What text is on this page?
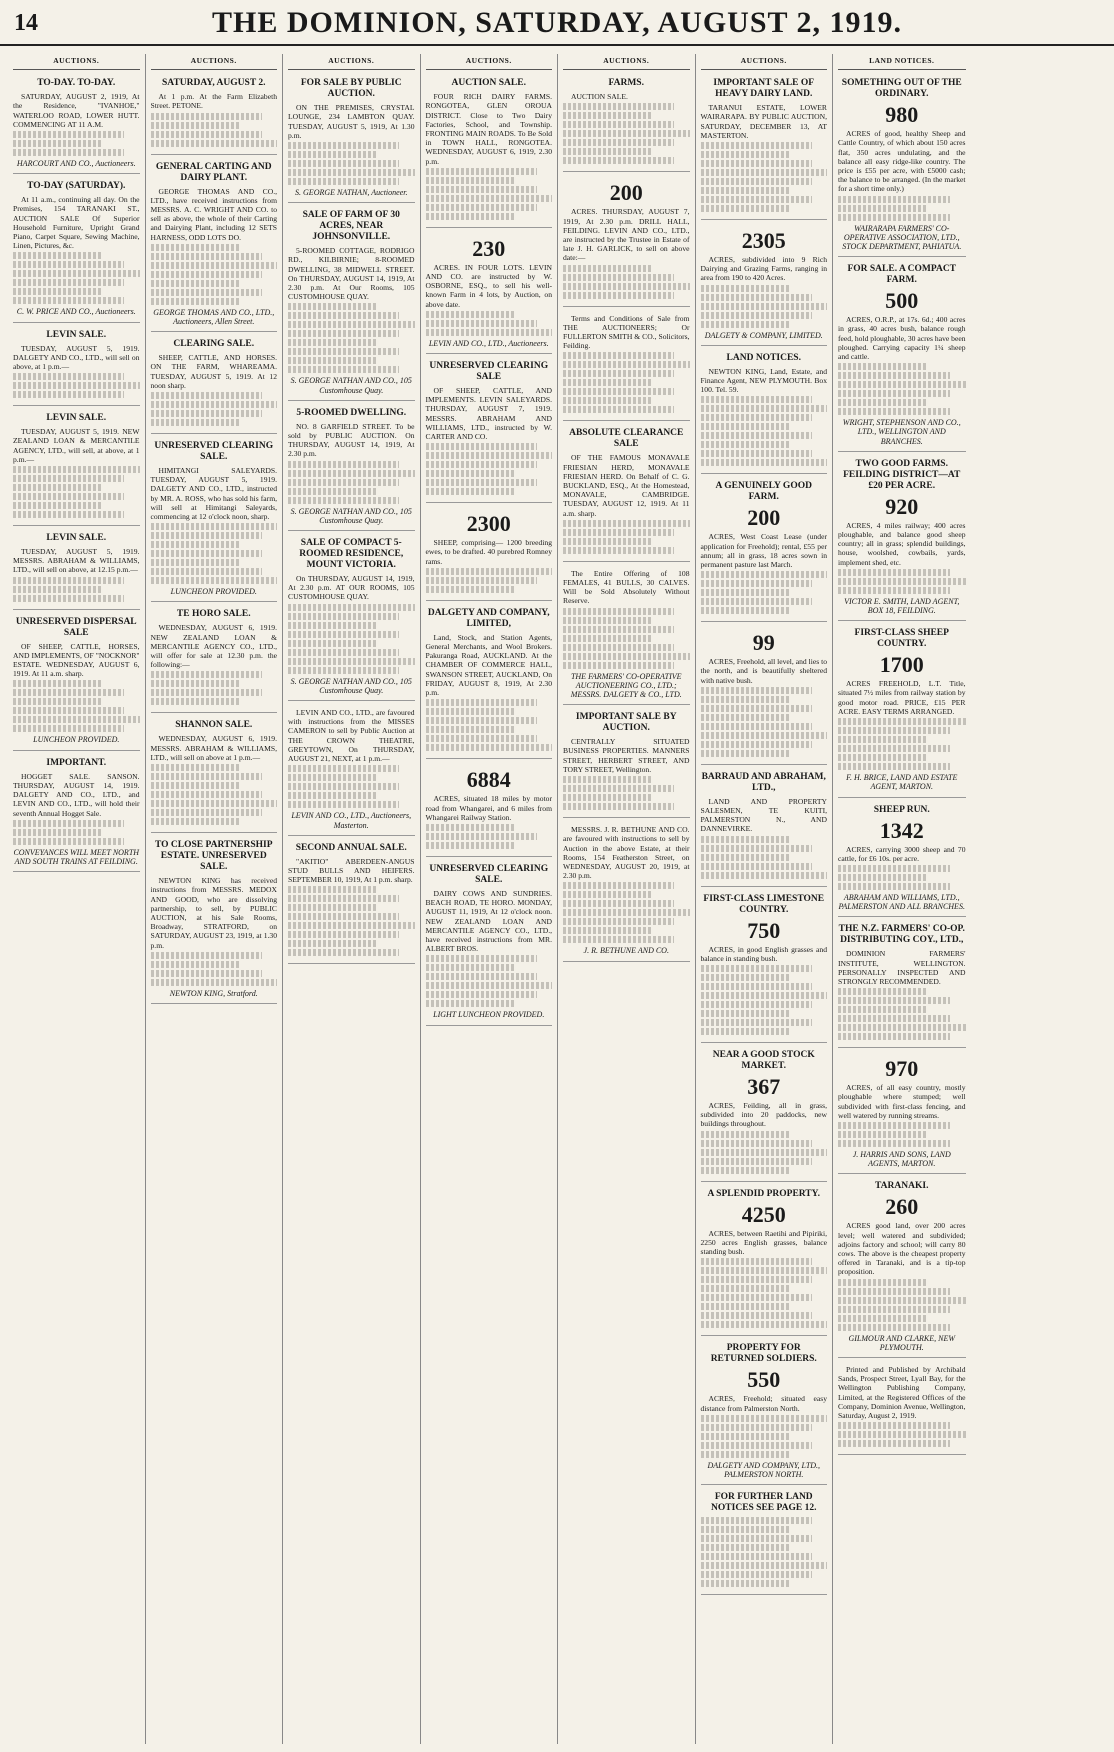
14	THE DOMINION, SATURDAY, AUGUST 2, 1919.
AUCTIONS.
TO-DAY. TO-DAY.
SATURDAY, AUGUST 2, 1919, At the Residence, "IVANHOE," WATERLOO ROAD, LOWER HUTT. COMMENCING AT 11 A.M.
HARCOURT AND CO., Auctioneers.
TO-DAY (SATURDAY).
At 11 a.m., continuing all day. On the Premises, 154 TARANAKI ST., AUCTION SALE Of Superior Household Furniture, Upright Grand Piano, Carpet Square, Sewing Machine, Linen, Pictures, &c.
C. W. PRICE AND CO., Auctioneers.
LEVIN SALE.
TUESDAY, AUGUST 5, 1919. DALGETY AND CO., LTD., will sell on above, at 1 p.m.—
LEVIN SALE.
TUESDAY, AUGUST 5, 1919. NEW ZEALAND LOAN & MERCANTILE AGENCY, LTD., will sell, at above, at 1 p.m.—
LEVIN SALE.
TUESDAY, AUGUST 5, 1919. MESSRS. ABRAHAM & WILLIAMS, LTD., will sell on above, at 12.15 p.m.—
UNRESERVED DISPERSAL SALE
OF SHEEP, CATTLE, HORSES, AND IMPLEMENTS, OF "NOCKNOR" ESTATE. WEDNESDAY, AUGUST 6, 1919. At 11 a.m. sharp.
LUNCHEON PROVIDED.
IMPORTANT.
HOGGET SALE. SANSON. THURSDAY, AUGUST 14, 1919. DALGETY AND CO., LTD., and LEVIN AND CO., LTD., will hold their seventh Annual Hogget Sale.
CONVEYANCES WILL MEET NORTH AND SOUTH TRAINS AT FEILDING.
AUCTIONS.
SATURDAY, AUGUST 2.
At 1 p.m. At the Farm Elizabeth Street. PETONE.
GENERAL CARTING AND DAIRY PLANT.
GEORGE THOMAS AND CO., LTD., have received instructions from MESSRS. A. C. WRIGHT AND CO. to sell as above, the whole of their Carting and Dairying Plant, including 12 SETS HARNESS, ODD LOTS DO.
GEORGE THOMAS AND CO., LTD., Auctioneers, Allen Street.
CLEARING SALE.
SHEEP, CATTLE, AND HORSES. ON THE FARM, WHAREAMA. TUESDAY, AUGUST 5, 1919. At 12 noon sharp.
UNRESERVED CLEARING SALE.
HIMITANGI SALEYARDS. TUESDAY, AUGUST 5, 1919. DALGETY AND CO., LTD., instructed by MR. A. ROSS, who has sold his farm, will sell at Himitangi Saleyards, commencing at 12 o'clock noon, sharp.
LUNCHEON PROVIDED.
TE HORO SALE.
WEDNESDAY, AUGUST 6, 1919. NEW ZEALAND LOAN & MERCANTILE AGENCY CO., LTD., will offer for sale at 12.30 p.m. the following:—
SHANNON SALE.
WEDNESDAY, AUGUST 6, 1919. MESSRS. ABRAHAM & WILLIAMS, LTD., will sell on above at 1 p.m.—
TO CLOSE PARTNERSHIP ESTATE. UNRESERVED SALE.
NEWTON KING has received instructions from MESSRS. MEDOX AND GOOD, who are dissolving partnership, to sell, by PUBLIC AUCTION, at his Sale Rooms, Broadway, STRATFORD, on SATURDAY, AUGUST 23, 1919, at 1.30 p.m.
NEWTON KING, Stratford.
AUCTIONS.
FOR SALE BY PUBLIC AUCTION.
ON THE PREMISES, CRYSTAL LOUNGE, 234 LAMBTON QUAY. TUESDAY, AUGUST 5, 1919, At 1.30 p.m.
S. GEORGE NATHAN, Auctioneer.
SALE OF FARM OF 30 ACRES, NEAR JOHNSONVILLE.
5-ROOMED COTTAGE, RODRIGO RD., KILBIRNIE; 8-ROOMED DWELLING, 38 MIDWELL STREET. On THURSDAY, AUGUST 14, 1919, At 2.30 p.m. At Our Rooms, 105 CUSTOMHOUSE QUAY.
S. GEORGE NATHAN AND CO., 105 Customhouse Quay.
5-ROOMED DWELLING.
NO. 8 GARFIELD STREET. To be sold by PUBLIC AUCTION. On THURSDAY, AUGUST 14, 1919, At 2.30 p.m.
S. GEORGE NATHAN AND CO., 105 Customhouse Quay.
SALE OF COMPACT 5-ROOMED RESIDENCE, MOUNT VICTORIA.
On THURSDAY, AUGUST 14, 1919, At 2.30 p.m. AT OUR ROOMS, 105 CUSTOMHOUSE QUAY.
S. GEORGE NATHAN AND CO., 105 Customhouse Quay.
LEVIN AND CO., LTD., are favoured with instructions from the MISSES CAMERON to sell by Public Auction at THE CROWN THEATRE, GREYTOWN, On THURSDAY, AUGUST 21, NEXT, at 1 p.m.—
LEVIN AND CO., LTD., Auctioneers, Masterton.
SECOND ANNUAL SALE.
"AKITIO" ABERDEEN-ANGUS STUD BULLS AND HEIFERS. SEPTEMBER 10, 1919, At 1 p.m. sharp.
AUCTIONS.
AUCTION SALE.
FOUR RICH DAIRY FARMS. RONGOTEA, GLEN OROUA DISTRICT. Close to Two Dairy Factories, School, and Township. FRONTING MAIN ROADS. To Be Sold in TOWN HALL, RONGOTEA. WEDNESDAY, AUGUST 6, 1919, 2.30 p.m.
230
ACRES. IN FOUR LOTS. LEVIN AND CO. are instructed by W. OSBORNE, ESQ., to sell his well-known Farm in 4 lots, by Auction, on above date.
LEVIN AND CO., LTD., Auctioneers.
UNRESERVED CLEARING SALE
OF SHEEP, CATTLE, AND IMPLEMENTS. LEVIN SALEYARDS. THURSDAY, AUGUST 7, 1919. MESSRS. ABRAHAM AND WILLIAMS, LTD., instructed by W. CARTER AND CO.
2300
SHEEP, comprising— 1200 breeding ewes, to be drafted. 40 purebred Romney rams.
DALGETY AND COMPANY, LIMITED,
Land, Stock, and Station Agents, General Merchants, and Wool Brokers. Pakuranga Road, AUCKLAND. At the CHAMBER OF COMMERCE HALL, SWANSON STREET, AUCKLAND, On FRIDAY, AUGUST 8, 1919, At 2.30 p.m.
6884
ACRES, situated 18 miles by motor road from Whangarei, and 6 miles from Whangarei Railway Station.
UNRESERVED CLEARING SALE.
DAIRY COWS AND SUNDRIES. BEACH ROAD, TE HORO. MONDAY, AUGUST 11, 1919, At 12 o'clock noon. NEW ZEALAND LOAN AND MERCANTILE AGENCY CO., LTD., have received instructions from MR. ALBERT BROS.
LIGHT LUNCHEON PROVIDED.
AUCTIONS.
FARMS.
AUCTION SALE.
200
ACRES. THURSDAY, AUGUST 7, 1919, At 2.30 p.m. DRILL HALL, FEILDING. LEVIN AND CO., LTD., are instructed by the Trustee in Estate of late J. H. GARLICK, to sell on above date:—
Terms and Conditions of Sale from THE AUCTIONEERS; Or FULLERTON SMITH & CO., Solicitors, Feilding.
ABSOLUTE CLEARANCE SALE
OF THE FAMOUS MONAVALE FRIESIAN HERD, MONAVALE FRIESIAN HERD. On Behalf of C. G. BUCKLAND, ESQ., At the Homestead, MONAVALE, CAMBRIDGE. TUESDAY, AUGUST 12, 1919. At 11 a.m. sharp.
The Entire Offering of 108 FEMALES, 41 BULLS, 30 CALVES. Will be Sold Absolutely Without Reserve.
THE FARMERS' CO-OPERATIVE AUCTIONEERING CO., LTD.; MESSRS. DALGETY & CO., LTD.
IMPORTANT SALE BY AUCTION.
CENTRALLY SITUATED BUSINESS PROPERTIES. MANNERS STREET, HERBERT STREET, AND TORY STREET, Wellington.
MESSRS. J. R. BETHUNE AND CO. are favoured with instructions to sell by Auction in the above Estate, at their Rooms, 154 Featherston Street, on WEDNESDAY, AUGUST 20, 1919, at 2.30 p.m.
J. R. BETHUNE AND CO.
AUCTIONS.
IMPORTANT SALE OF HEAVY DAIRY LAND.
TARANUI ESTATE, LOWER WAIRARAPA. BY PUBLIC AUCTION, SATURDAY, DECEMBER 13, AT MASTERTON.
2305
ACRES, subdivided into 9 Rich Dairying and Grazing Farms, ranging in area from 190 to 420 Acres.
DALGETY & COMPANY, LIMITED.
LAND NOTICES.
NEWTON KING, Land, Estate, and Finance Agent, NEW PLYMOUTH. Box 100. Tel. 59.
A GENUINELY GOOD FARM.
200
ACRES, West Coast Lease (under application for Freehold); rental, £55 per annum; all in grass, 18 acres sown in permanent pasture last March.
99
ACRES, Freehold, all level, and lies to the north, and is beautifully sheltered with native bush.
BARRAUD AND ABRAHAM, LTD.,
LAND AND PROPERTY SALESMEN, TE KUITI, PALMERSTON N., AND DANNEVIRKE.
FIRST-CLASS LIMESTONE COUNTRY.
750
ACRES, in good English grasses and balance in standing bush.
NEAR A GOOD STOCK MARKET.
367
ACRES, Feilding, all in grass, subdivided into 20 paddocks, new buildings throughout.
A SPLENDID PROPERTY.
4250
ACRES, between Raetihi and Pipiriki, 2250 acres English grasses, balance standing bush.
PROPERTY FOR RETURNED SOLDIERS.
550
ACRES, Freehold; situated easy distance from Palmerston North.
DALGETY AND COMPANY, LTD., PALMERSTON NORTH.
FOR FURTHER LAND NOTICES SEE PAGE 12.
LAND NOTICES.
SOMETHING OUT OF THE ORDINARY.
980
ACRES of good, healthy Sheep and Cattle Country, of which about 150 acres flat, 350 acres undulating, and the balance all easy ridge-like country. The price is £55 per acre, with £5000 cash; the balance to be arranged. (In the market for a short time only.)
WAIRARAPA FARMERS' CO-OPERATIVE ASSOCIATION, LTD., STOCK DEPARTMENT, PAHIATUA.
FOR SALE. A COMPACT FARM.
500
ACRES, O.R.P., at 17s. 6d.; 400 acres in grass, 40 acres bush, balance rough feed, hold ploughable, 30 acres have been ploughed. Carrying capacity 1¼ sheep and cattle.
WRIGHT, STEPHENSON AND CO., LTD., WELLINGTON AND BRANCHES.
TWO GOOD FARMS. FEILDING DISTRICT—AT £20 PER ACRE.
920
ACRES, 4 miles railway; 400 acres ploughable, and balance good sheep country; all in grass; splendid buildings, house, woolshed, cowbails, yards, implement shed, etc.
VICTOR E. SMITH, LAND AGENT, BOX 18, FEILDING.
FIRST-CLASS SHEEP COUNTRY.
1700
ACRES FREEHOLD, L.T. Title, situated 7½ miles from railway station by good motor road. PRICE, £15 PER ACRE. EASY TERMS ARRANGED.
F. H. BRICE, LAND AND ESTATE AGENT, MARTON.
SHEEP RUN.
1342
ACRES, carrying 3000 sheep and 70 cattle, for £6 10s. per acre.
ABRAHAM AND WILLIAMS, LTD., PALMERSTON AND ALL BRANCHES.
THE N.Z. FARMERS' CO-OP. DISTRIBUTING COY., LTD.,
DOMINION FARMERS' INSTITUTE, WELLINGTON. PERSONALLY INSPECTED AND STRONGLY RECOMMENDED.
970
ACRES, of all easy country, mostly ploughable where stumped; well subdivided with first-class fencing, and well watered by running streams.
J. HARRIS AND SONS, LAND AGENTS, MARTON.
TARANAKI.
260
ACRES good land, over 200 acres level; well watered and subdivided; adjoins factory and school; will carry 80 cows. The above is the cheapest property offered in Taranaki, and is a tip-top proposition.
GILMOUR AND CLARKE, NEW PLYMOUTH.
Printed and Published by Archibald Sands, Prospect Street, Lyall Bay, for the Wellington Publishing Company, Limited, at the Registered Offices of the Company, Dominion Avenue, Wellington, Saturday, August 2, 1919.
